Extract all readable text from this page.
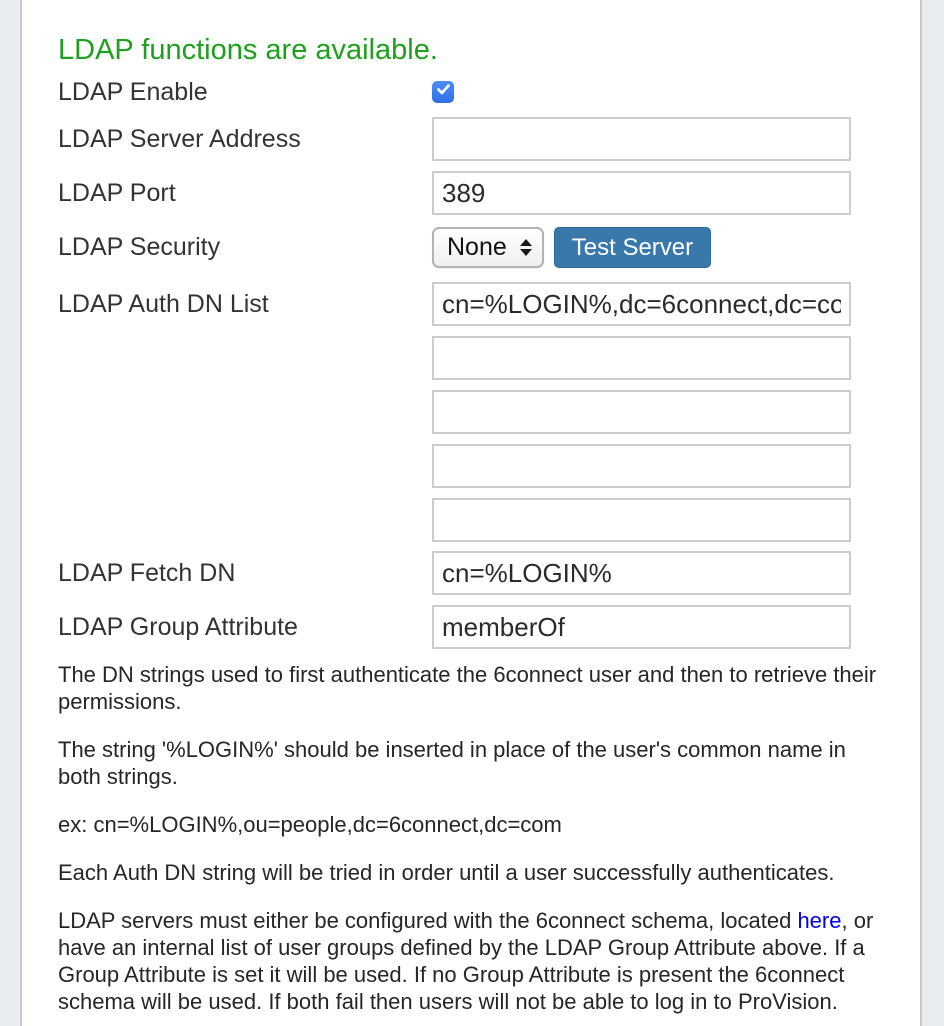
LDAP functions are available.
LDAP Enable
LDAP Server Address
LDAP Port
389
LDAP Security	None	Test Server
LDAP Auth DN List
cn=%LOGIN%,dc=6connect,dc=com
LDAP Fetch DN
cn=%LOGIN%
LDAP Group Attribute
memberOf

The DN strings used to first authenticate the 6connect user and then to retrieve their permissions.

The string '%LOGIN%' should be inserted in place of the user's common name in both strings.

ex: cn=%LOGIN%,ou=people,dc=6connect,dc=com

Each Auth DN string will be tried in order until a user successfully authenticates.

LDAP servers must either be configured with the 6connect schema, located here, or have an internal list of user groups defined by the LDAP Group Attribute above. If a Group Attribute is set it will be used. If no Group Attribute is present the 6connect schema will be used. If both fail then users will not be able to log in to ProVision.
